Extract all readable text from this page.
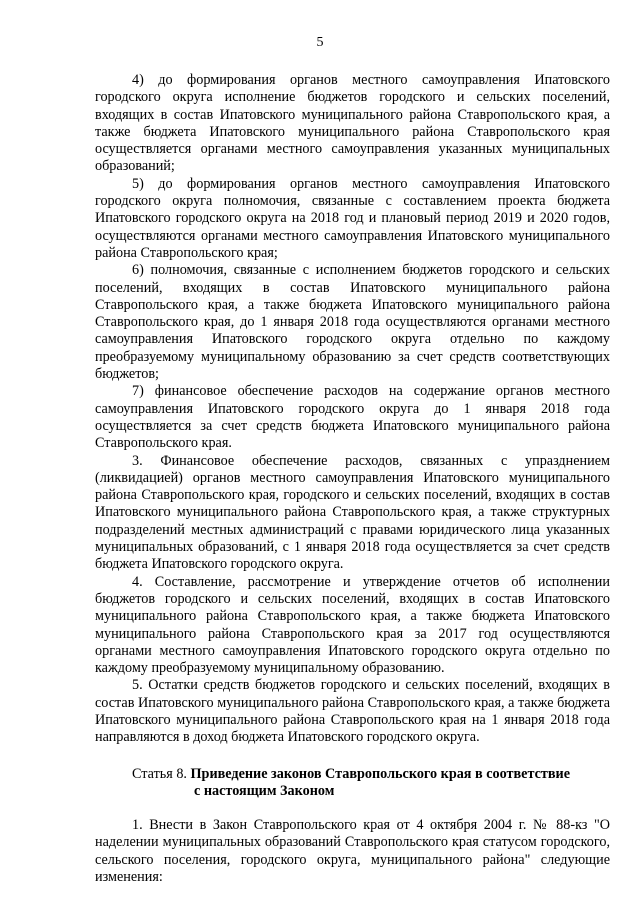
5

4) до формирования органов местного самоуправления Ипатовского городского округа исполнение бюджетов городского и сельских поселений, входящих в состав Ипатовского муниципального района Ставропольского края, а также бюджета Ипатовского муниципального района Ставропольского края осуществляется органами местного самоуправления указанных муниципальных образований;

5) до формирования органов местного самоуправления Ипатовского городского округа полномочия, связанные с составлением проекта бюджета Ипатовского городского округа на 2018 год и плановый период 2019 и 2020 годов, осуществляются органами местного самоуправления Ипатовского муниципального района Ставропольского края;

6) полномочия, связанные с исполнением бюджетов городского и сельских поселений, входящих в состав Ипатовского муниципального района Ставропольского края, а также бюджета Ипатовского муниципального района Ставропольского края, до 1 января 2018 года осуществляются органами местного самоуправления Ипатовского городского округа отдельно по каждому преобразуемому муниципальному образованию за счет средств соответствующих бюджетов;

7) финансовое обеспечение расходов на содержание органов местного самоуправления Ипатовского городского округа до 1 января 2018 года осуществляется за счет средств бюджета Ипатовского муниципального района Ставропольского края.

3. Финансовое обеспечение расходов, связанных с упразднением (ликвидацией) органов местного самоуправления Ипатовского муниципального района Ставропольского края, городского и сельских поселений, входящих в состав Ипатовского муниципального района Ставропольского края, а также структурных подразделений местных администраций с правами юридического лица указанных муниципальных образований, с 1 января 2018 года осуществляется за счет средств бюджета Ипатовского городского округа.

4. Составление, рассмотрение и утверждение отчетов об исполнении бюджетов городского и сельских поселений, входящих в состав Ипатовского муниципального района Ставропольского края, а также бюджета Ипатовского муниципального района Ставропольского края за 2017 год осуществляются органами местного самоуправления Ипатовского городского округа отдельно по каждому преобразуемому муниципальному образованию.

5. Остатки средств бюджетов городского и сельских поселений, входящих в состав Ипатовского муниципального района Ставропольского края, а также бюджета Ипатовского муниципального района Ставропольского края на 1 января 2018 года направляются в доход бюджета Ипатовского городского округа.

Статья 8. Приведение законов Ставропольского края в соответствие
с настоящим Законом

1. Внести в Закон Ставропольского края от 4 октября 2004 г. № 88-кз "О наделении муниципальных образований Ставропольского края статусом городского, сельского поселения, городского округа, муниципального района" следующие изменения:
